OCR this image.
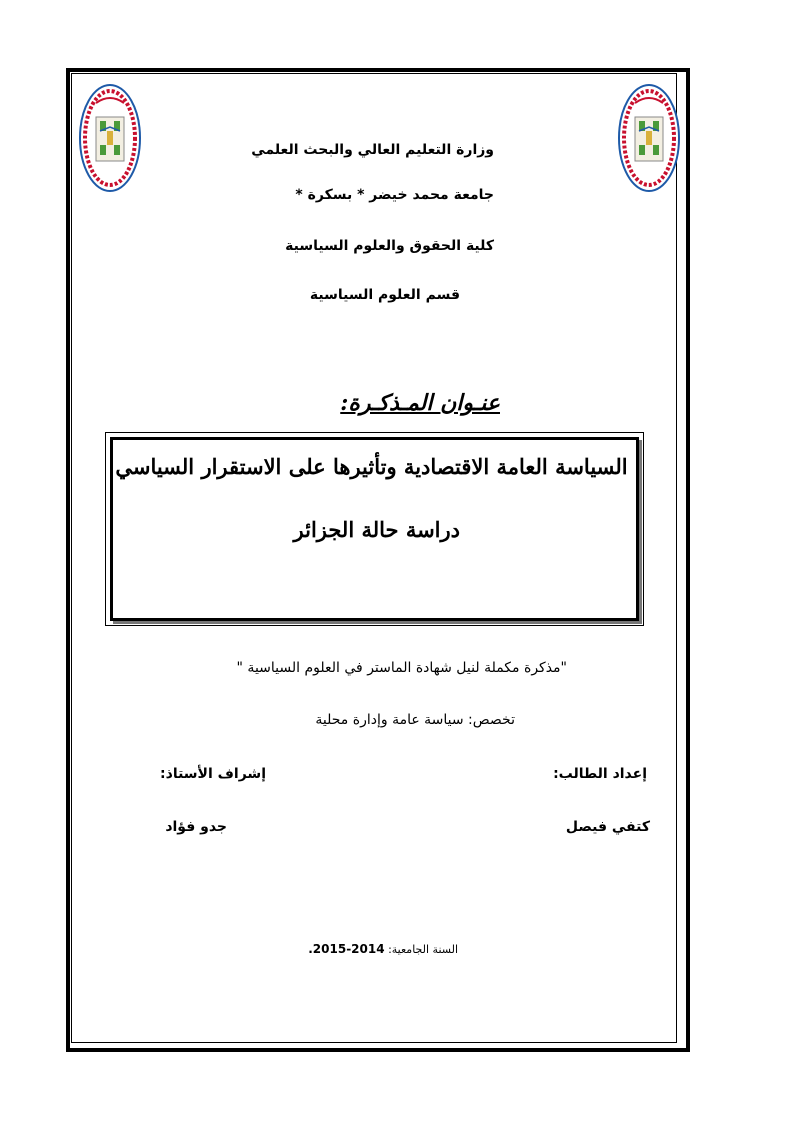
وزارة التعليم العالي والبحث العلمي
جامعة محمد خيضر * بسكرة *
كلية الحقوق والعلوم السياسية
قسم العلوم السياسية
عنـوان المـذكـرة:
السياسة العامة الاقتصادية وتأثيرها على الاستقرار السياسي
دراسة حالة الجزائر
"مذكرة مكملة لنيل شهادة الماستر في العلوم السياسية "
تخصص: سياسة عامة وإدارة محلية
إعداد الطالب:
إشراف الأستاذ:
كتفي فيصل
جدو فؤاد
السنة الجامعية: 2014-2015.
